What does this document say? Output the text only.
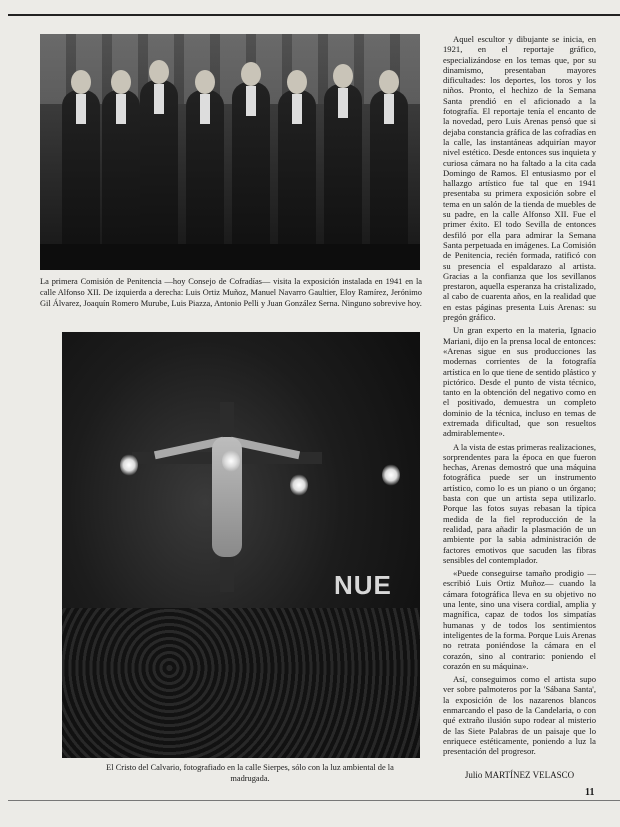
La primera Comisión de Penitencia —hoy Consejo de Cofradías— visita la exposición instalada en 1941 en la calle Alfonso XII. De izquierda a derecha: Luis Ortiz Muñoz, Manuel Navarro Gaultier, Eloy Ramírez, Jerónimo Gil Álvarez, Joaquín Romero Murube, Luis Piazza, Antonio Pelli y Juan González Serna. Ninguno sobrevive hoy.
NUE
El Cristo del Calvario, fotografiado en la calle Sierpes, sólo con la luz ambiental de la madrugada.

Aquel escultor y dibujante se inicia, en 1921, en el reportaje gráfico, especializándose en los temas que, por su dinamismo, presentaban mayores dificultades: los deportes, los toros y los niños. Pronto, el hechizo de la Semana Santa prendió en el aficionado a la fotografía. El reportaje tenía el encanto de la novedad, pero Luis Arenas pensó que si dejaba constancia gráfica de las cofradías en la calle, las instantáneas adquirían mayor nivel estético. Desde entonces sus inquieta y curiosa cámara no ha faltado a la cita cada Domingo de Ramos. El entusiasmo por el hallazgo artístico fue tal que en 1941 presentaba su primera exposición sobre el tema en un salón de la tienda de muebles de su padre, en la calle Alfonso XII. Fue el primer éxito. El todo Sevilla de entonces desfiló por ella para admirar la Semana Santa perpetuada en imágenes. La Comisión de Penitencia, recién formada, ratificó con su presencia el espaldarazo al artista. Gracias a la confianza que los sevillanos prestaron, aquella esperanza ha cristalizado, al cabo de cuarenta años, en la realidad que en estas páginas presenta Luis Arenas: su pregón gráfico.

Un gran experto en la materia, Ignacio Mariani, dijo en la prensa local de entonces: «Arenas sigue en sus producciones las modernas corrientes de la fotografía artística en lo que tiene de sentido plástico y pictórico. Desde el punto de vista técnico, tanto en la obtención del negativo como en el positivado, demuestra un completo dominio de la técnica, incluso en temas de extremada dificultad, que son resueltos admirablemente».

A la vista de estas primeras realizaciones, sorprendentes para la época en que fueron hechas, Arenas demostró que una máquina fotográfica puede ser un instrumento artístico, como lo es un piano o un órgano; basta con que un artista sepa utilizarlo. Porque las fotos suyas rebasan la típica medida de la fiel reproducción de la realidad, para añadir la plasmación de un ambiente por la sabia administración de factores emotivos que sacuden las fibras sensibles del contemplador.

«Puede conseguirse tamaño prodigio —escribió Luis Ortiz Muñoz— cuando la cámara fotográfica lleva en su objetivo no una lente, sino una visera cordial, amplia y magnífica, capaz de todos los simpatías humanas y de todos los sentimientos inteligentes de la forma. Porque Luis Arenas no retrata poniéndose la cámara en el corazón, sino al contrario: poniendo el corazón en su máquina».

Así, conseguimos como el artista supo ver sobre palmoteros por la 'Sábana Santa', la exposición de los nazarenos blancos enmarcando el paso de la Candelaria, o con qué extraño ilusión supo rodear al misterio de las Siete Palabras de un paisaje que lo enriquece estéticamente, poniendo a luz la presentación del progresor.

Julio MARTÍNEZ VELASCO
11
